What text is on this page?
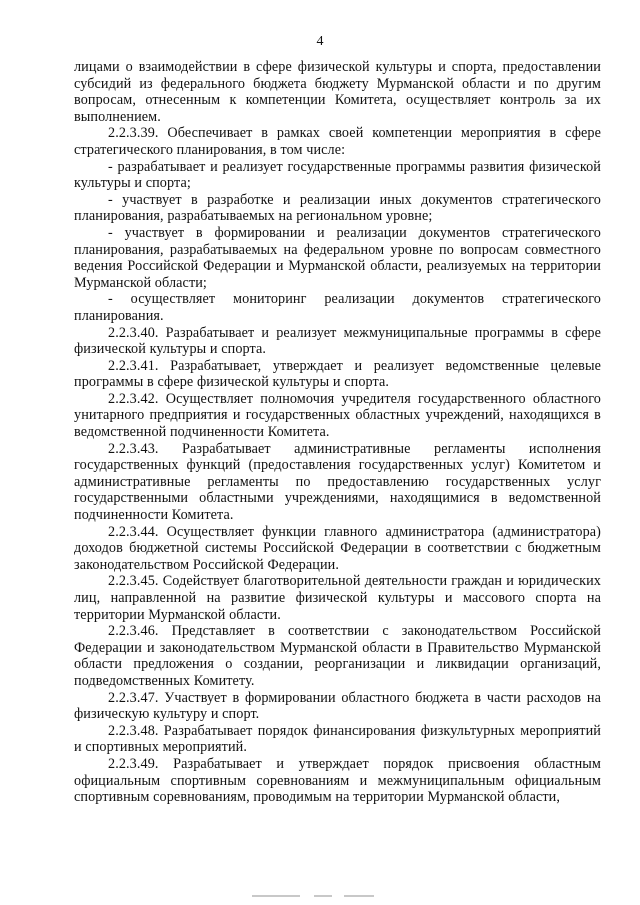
4

лицами о взаимодействии в сфере физической культуры и спорта, предоставлении субсидий из федерального бюджета бюджету Мурманской области и по другим вопросам, отнесенным к компетенции Комитета, осуществляет контроль за их выполнением.

2.2.3.39. Обеспечивает в рамках своей компетенции мероприятия в сфере стратегического планирования, в том числе:

- разрабатывает и реализует государственные программы развития физической культуры и спорта;

- участвует в разработке и реализации иных документов стратегического планирования, разрабатываемых на региональном уровне;

- участвует в формировании и реализации документов стратегического планирования, разрабатываемых на федеральном уровне по вопросам совместного ведения Российской Федерации и Мурманской области, реализуемых на территории Мурманской области;

- осуществляет мониторинг реализации документов стратегического планирования.

2.2.3.40. Разрабатывает и реализует межмуниципальные программы в сфере физической культуры и спорта.

2.2.3.41. Разрабатывает, утверждает и реализует ведомственные целевые программы в сфере физической культуры и спорта.

2.2.3.42. Осуществляет полномочия учредителя государственного областного унитарного предприятия и государственных областных учреждений, находящихся в ведомственной подчиненности Комитета.

2.2.3.43. Разрабатывает административные регламенты исполнения государственных функций (предоставления государственных услуг) Комитетом и административные регламенты по предоставлению государственных услуг государственными областными учреждениями, находящимися в ведомственной подчиненности Комитета.

2.2.3.44. Осуществляет функции главного администратора (администратора) доходов бюджетной системы Российской Федерации в соответствии с бюджетным законодательством Российской Федерации.

2.2.3.45. Содействует благотворительной деятельности граждан и юридических лиц, направленной на развитие физической культуры и массового спорта на территории Мурманской области.

2.2.3.46. Представляет в соответствии с законодательством Российской Федерации и законодательством Мурманской области в Правительство Мурманской области предложения о создании, реорганизации и ликвидации организаций, подведомственных Комитету.

2.2.3.47. Участвует в формировании областного бюджета в части расходов на физическую культуру и спорт.

2.2.3.48. Разрабатывает порядок финансирования физкультурных мероприятий и спортивных мероприятий.

2.2.3.49. Разрабатывает и утверждает порядок присвоения областным официальным спортивным соревнованиям и межмуниципальным официальным спортивным соревнованиям, проводимым на территории Мурманской области,
